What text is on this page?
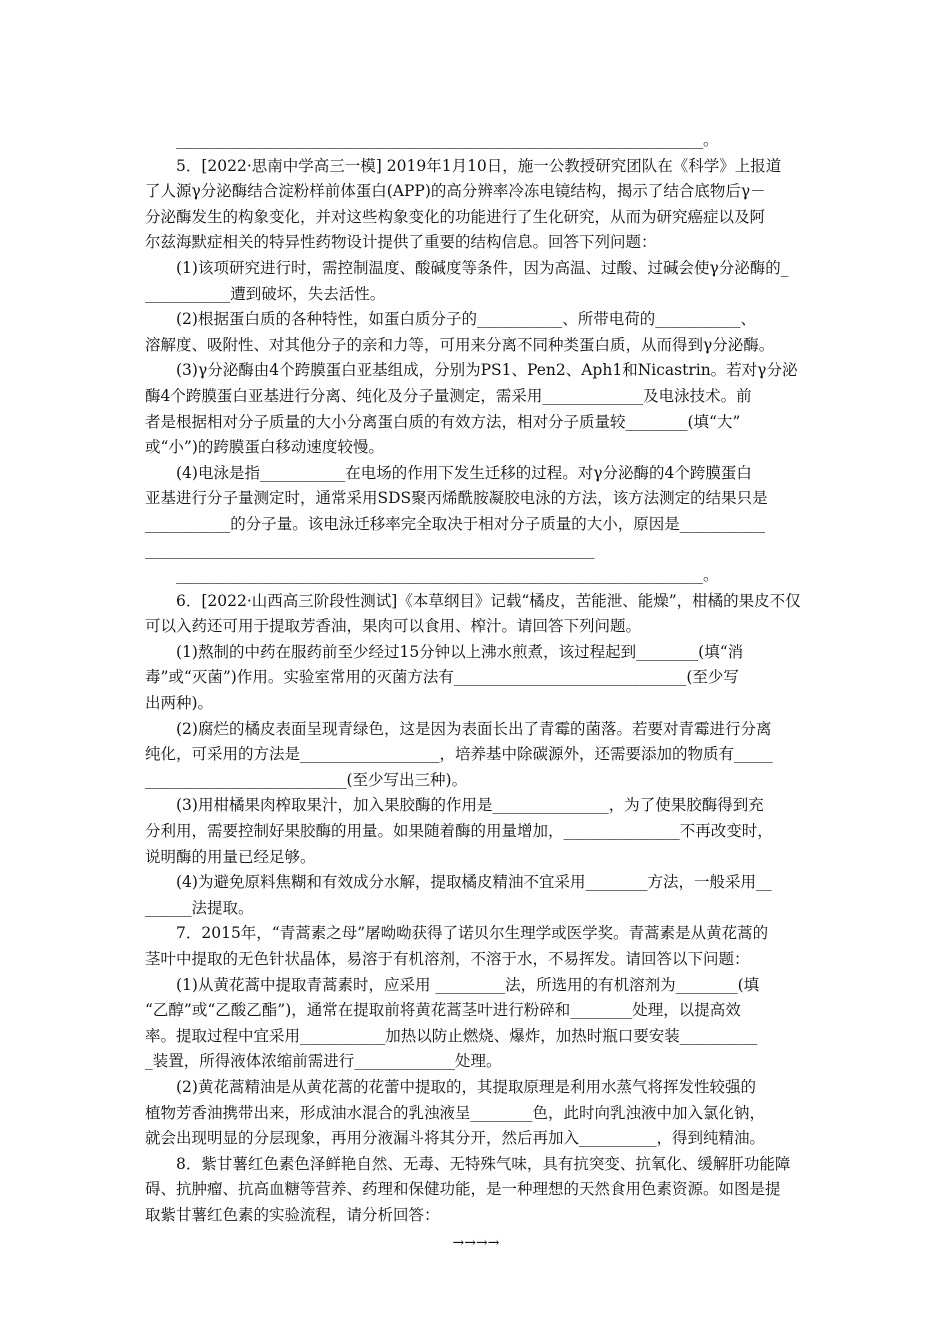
____________________________________________________________________。
5．[2022·思南中学高三一模] 2019年1月10日，施一公教授研究团队在《科学》上报道
了人源γ分泌酶结合淀粉样前体蛋白(APP)的高分辨率冷冻电镜结构，揭示了结合底物后γ－
分泌酶发生的构象变化，并对这些构象变化的功能进行了生化研究，从而为研究癌症以及阿
尔兹海默症相关的特异性药物设计提供了重要的结构信息。回答下列问题：
(1)该项研究进行时，需控制温度、酸碱度等条件，因为高温、过酸、过碱会使γ分泌酶的_
___________遭到破坏，失去活性。
(2)根据蛋白质的各种特性，如蛋白质分子的___________、所带电荷的___________、
溶解度、吸附性、对其他分子的亲和力等，可用来分离不同种类蛋白质，从而得到γ分泌酶。
(3)γ分泌酶由4个跨膜蛋白亚基组成，分别为PS1、Pen2、Aph1和Nicastrin。若对γ分泌
酶4个跨膜蛋白亚基进行分离、纯化及分子量测定，需采用_____________及电泳技术。前
者是根据相对分子质量的大小分离蛋白质的有效方法，相对分子质量较________(填“大”
或“小”)的跨膜蛋白移动速度较慢。
(4)电泳是指___________在电场的作用下发生迁移的过程。对γ分泌酶的4个跨膜蛋白
亚基进行分子量测定时，通常采用SDS聚丙烯酰胺凝胶电泳的方法，该方法测定的结果只是
___________的分子量。该电泳迁移率完全取决于相对分子质量的大小，原因是___________
__________________________________________________________
____________________________________________________________________。
6．[2022·山西高三阶段性测试]《本草纲目》记载“橘皮，苦能泄、能燥”，柑橘的果皮不仅
可以入药还可用于提取芳香油，果肉可以食用、榨汁。请回答下列问题。
(1)熬制的中药在服药前至少经过15分钟以上沸水煎煮，该过程起到________(填“消
毒”或“灭菌”)作用。实验室常用的灭菌方法有______________________________(至少写
出两种)。
(2)腐烂的橘皮表面呈现青绿色，这是因为表面长出了青霉的菌落。若要对青霉进行分离
纯化，可采用的方法是__________________，培养基中除碳源外，还需要添加的物质有_____
__________________________(至少写出三种)。
(3)用柑橘果肉榨取果汁，加入果胶酶的作用是_______________，为了使果胶酶得到充
分利用，需要控制好果胶酶的用量。如果随着酶的用量增加，_______________不再改变时，
说明酶的用量已经足够。
(4)为避免原料焦糊和有效成分水解，提取橘皮精油不宜采用________方法，一般采用__
______法提取。
7．2015年，“青蒿素之母”屠呦呦获得了诺贝尔生理学或医学奖。青蒿素是从黄花蒿的
茎叶中提取的无色针状晶体，易溶于有机溶剂，不溶于水，不易挥发。请回答以下问题：
(1)从黄花蒿中提取青蒿素时，应采用 _________法，所选用的有机溶剂为________(填
“乙醇”或“乙酸乙酯”)，通常在提取前将黄花蒿茎叶进行粉碎和________处理，以提高效
率。提取过程中宜采用___________加热以防止燃烧、爆炸，加热时瓶口要安装__________
_装置，所得液体浓缩前需进行_____________处理。
(2)黄花蒿精油是从黄花蒿的花蕾中提取的，其提取原理是利用水蒸气将挥发性较强的
植物芳香油携带出来，形成油水混合的乳浊液呈________色，此时向乳浊液中加入氯化钠，
就会出现明显的分层现象，再用分液漏斗将其分开，然后再加入__________，得到纯精油。
8．紫甘薯红色素色泽鲜艳自然、无毒、无特殊气味，具有抗突变、抗氧化、缓解肝功能障
碍、抗肿瘤、抗高血糖等营养、药理和保健功能，是一种理想的天然食用色素资源。如图是提
取紫甘薯红色素的实验流程，请分析回答：
→→→→
